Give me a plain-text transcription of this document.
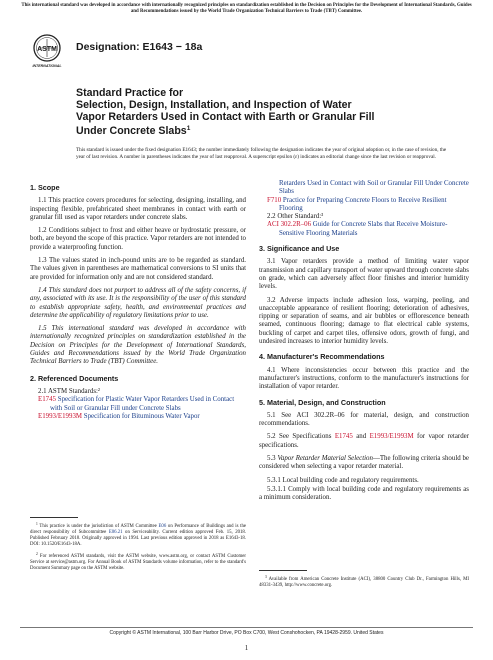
This international standard was developed in accordance with internationally recognized principles on standardization established in the Decision on Principles for the Development of International Standards, Guides and Recommendations issued by the World Trade Organization Technical Barriers to Trade (TBT) Committee.
ASTM
INTERNATIONAL
Designation: E1643 − 18a
Standard Practice for
Selection, Design, Installation, and Inspection of Water
Vapor Retarders Used in Contact with Earth or Granular Fill
Under Concrete Slabs$^1$
This standard is issued under the fixed designation E1643; the number immediately following the designation indicates the year of original adoption or, in the case of revision, the year of last revision. A number in parentheses indicates the year of last reapproval. A superscript epsilon (ε) indicates an editorial change since the last revision or reapproval.
1. Scope

1.1 This practice covers procedures for selecting, designing, installing, and inspecting flexible, prefabricated sheet membranes in contact with earth or granular fill used as vapor retarders under concrete slabs.

1.2 Conditions subject to frost and either heave or hydrostatic pressure, or both, are beyond the scope of this practice. Vapor retarders are not intended to provide a waterproofing function.

1.3 The values stated in inch-pound units are to be regarded as standard. The values given in parentheses are mathematical conversions to SI units that are provided for information only and are not considered standard.

1.4 This standard does not purport to address all of the safety concerns, if any, associated with its use. It is the responsibility of the user of this standard to establish appropriate safety, health, and environmental practices and determine the applicability of regulatory limitations prior to use.

1.5 This international standard was developed in accordance with internationally recognized principles on standardization established in the Decision on Principles for the Development of International Standards, Guides and Recommendations issued by the World Trade Organization Technical Barriers to Trade (TBT) Committee.

2. Referenced Documents
2.1 ASTM Standards:²
E1745 Specification for Plastic Water Vapor Retarders Used in Contact with Soil or Granular Fill under Concrete Slabs
E1993/E1993M Specification for Bituminous Water Vapor

$^1$ This practice is under the jurisdiction of ASTM Committee E06 on Performance of Buildings and is the direct responsibility of Subcommittee E06.21 on Serviceability. Current edition approved Feb. 15, 2018. Published February 2018. Originally approved in 1994. Last previous edition approved in 2018 as E1643-18. DOI: 10.1520/E1643-18A.

$^2$ For referenced ASTM standards, visit the ASTM website, www.astm.org, or contact ASTM Customer Service at service@astm.org. For Annual Book of ASTM Standards volume information, refer to the standard's Document Summary page on the ASTM website.

Retarders Used in Contact with Soil or Granular Fill Under Concrete Slabs
F710 Practice for Preparing Concrete Floors to Receive Resilient Flooring
2.2 Other Standard:³
ACI 302.2R–06 Guide for Concrete Slabs that Receive Moisture-Sensitive Flooring Materials
3. Significance and Use

3.1 Vapor retarders provide a method of limiting water vapor transmission and capillary transport of water upward through concrete slabs on grade, which can adversely affect floor finishes and interior humidity levels.

3.2 Adverse impacts include adhesion loss, warping, peeling, and unacceptable appearance of resilient flooring; deterioration of adhesives, ripping or separation of seams, and air bubbles or efflorescence beneath seamed, continuous flooring; damage to flat electrical cable systems, buckling of carpet and carpet tiles, offensive odors, growth of fungi, and undesired increases to interior humidity levels.

4. Manufacturer's Recommendations

4.1 Where inconsistencies occur between this practice and the manufacturer's instructions, conform to the manufacturer's instructions for installation of vapor retarder.

5. Material, Design, and Construction

5.1 See ACI 302.2R–06 for material, design, and construction recommendations.

5.2 See Specifications E1745 and E1993/E1993M for vapor retarder specifications.

5.3 Vapor Retarder Material Selection—The following criteria should be considered when selecting a vapor retarder material.

5.3.1 Local building code and regulatory requirements.

5.3.1.1 Comply with local building code and regulatory requirements as a minimum consideration.

$^3$ Available from American Concrete Institute (ACI), 38800 Country Club Dr., Farmington Hills, MI 48331-3439, http://www.concrete.org.

Copyright © ASTM International, 100 Barr Harbor Drive, PO Box C700, West Conshohocken, PA 19428-2959. United States
1
